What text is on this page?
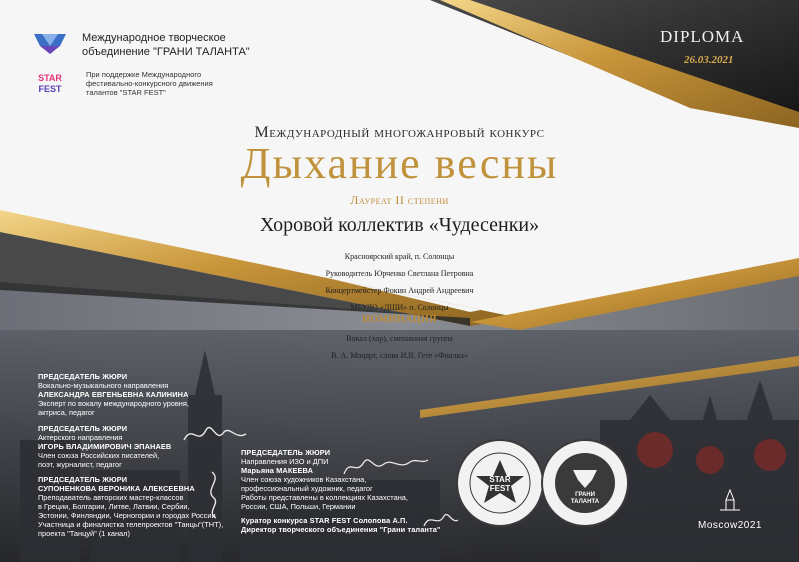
Международное творческое
объединение "ГРАНИ ТАЛАНТА"
STAR
FEST
При поддержке Международного
фестивально-конкурсного движения
талантов "STAR FEST"
DIPLOMA
26.03.2021
Международный многожанровый конкурс
Дыхание весны
Лауреат II степени
Хоровой коллектив «Чудесенки»
Красноярский край, п. Солонцы
Руководитель Юрченко Светлана Петровна
Концертмейстер Фокин Андрей Андреевич
МБУДО «ДШИ» п. Солонцы
НОМИНАЦИЯ
Вокал (хор), смешанная группа
В. А. Моцарт, слова И.В. Гете «Фиалка»
ПРЕДСЕДАТЕЛЬ ЖЮРИ
Вокально-музыкального направления
АЛЕКСАНДРА ЕВГЕНЬЕВНА КАЛИНИНА
Эксперт по вокалу международного уровня,
актриса, педагог
ПРЕДСЕДАТЕЛЬ ЖЮРИ
Актерского направления
ИГОРЬ ВЛАДИМИРОВИЧ ЭПАНАЕВ
Член союза Российских писателей,
поэт, журналист, педагог
ПРЕДСЕДАТЕЛЬ ЖЮРИ
СУПОНЕНКОВА ВЕРОНИКА АЛЕКСЕЕВНА
Преподаватель авторских мастер-классов
в Греции, Болгарии, Литве, Латвии, Сербии,
Эстонии, Финляндии, Черногории и городах России
Участница и финалистка телепроектов "Танцы"(ТНТ),
проекта "Танцуй" (1 канал)
ПРЕДСЕДАТЕЛЬ ЖЮРИ
Направления ИЗО и ДПИ
Марьяна МАКЕЕВА
Член союза художников Казахстана,
профессиональный художник, педагог
Работы представлены в коллекциях Казахстана,
России, США, Польши, Германии
Куратор конкурса STAR FEST Солопова А.П.
Директор творческого объединения "Грани таланта"
STAR
FEST
ГРАНИ
ТАЛАНТА
Moscow2021
